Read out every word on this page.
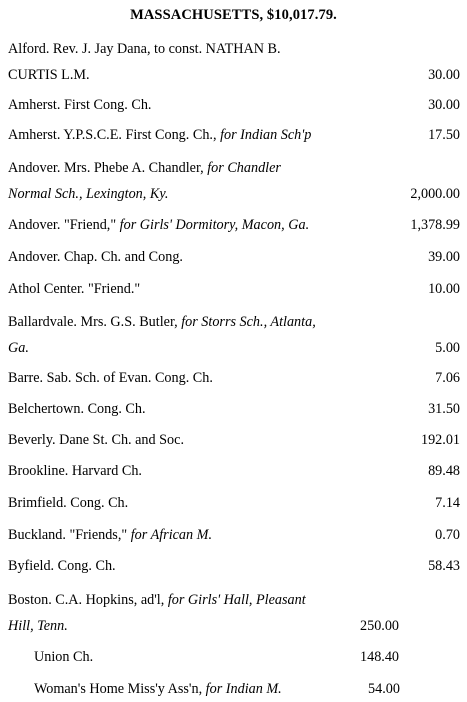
MASSACHUSETTS, $10,017.79.
Alford. Rev. J. Jay Dana, to const. NATHAN B.
CURTIS L.M.	30.00
Amherst. First Cong. Ch.	30.00
Amherst. Y.P.S.C.E. First Cong. Ch., for Indian Sch'p	17.50
Andover. Mrs. Phebe A. Chandler, for Chandler
Normal Sch., Lexington, Ky.	2,000.00
Andover. "Friend," for Girls' Dormitory, Macon, Ga.	1,378.99
Andover. Chap. Ch. and Cong.	39.00
Athol Center. "Friend."	10.00
Ballardvale. Mrs. G.S. Butler, for Storrs Sch., Atlanta,
Ga.	5.00
Barre. Sab. Sch. of Evan. Cong. Ch.	7.06
Belchertown. Cong. Ch.	31.50
Beverly. Dane St. Ch. and Soc.	192.01
Brookline. Harvard Ch.	89.48
Brimfield. Cong. Ch.	7.14
Buckland. "Friends," for African M.	0.70
Byfield. Cong. Ch.	58.43
Boston. C.A. Hopkins, ad'l, for Girls' Hall, Pleasant
Hill, Tenn.	250.00
Union Ch.	148.40
Woman's Home Miss'y Ass'n, for Indian M.	54.00
